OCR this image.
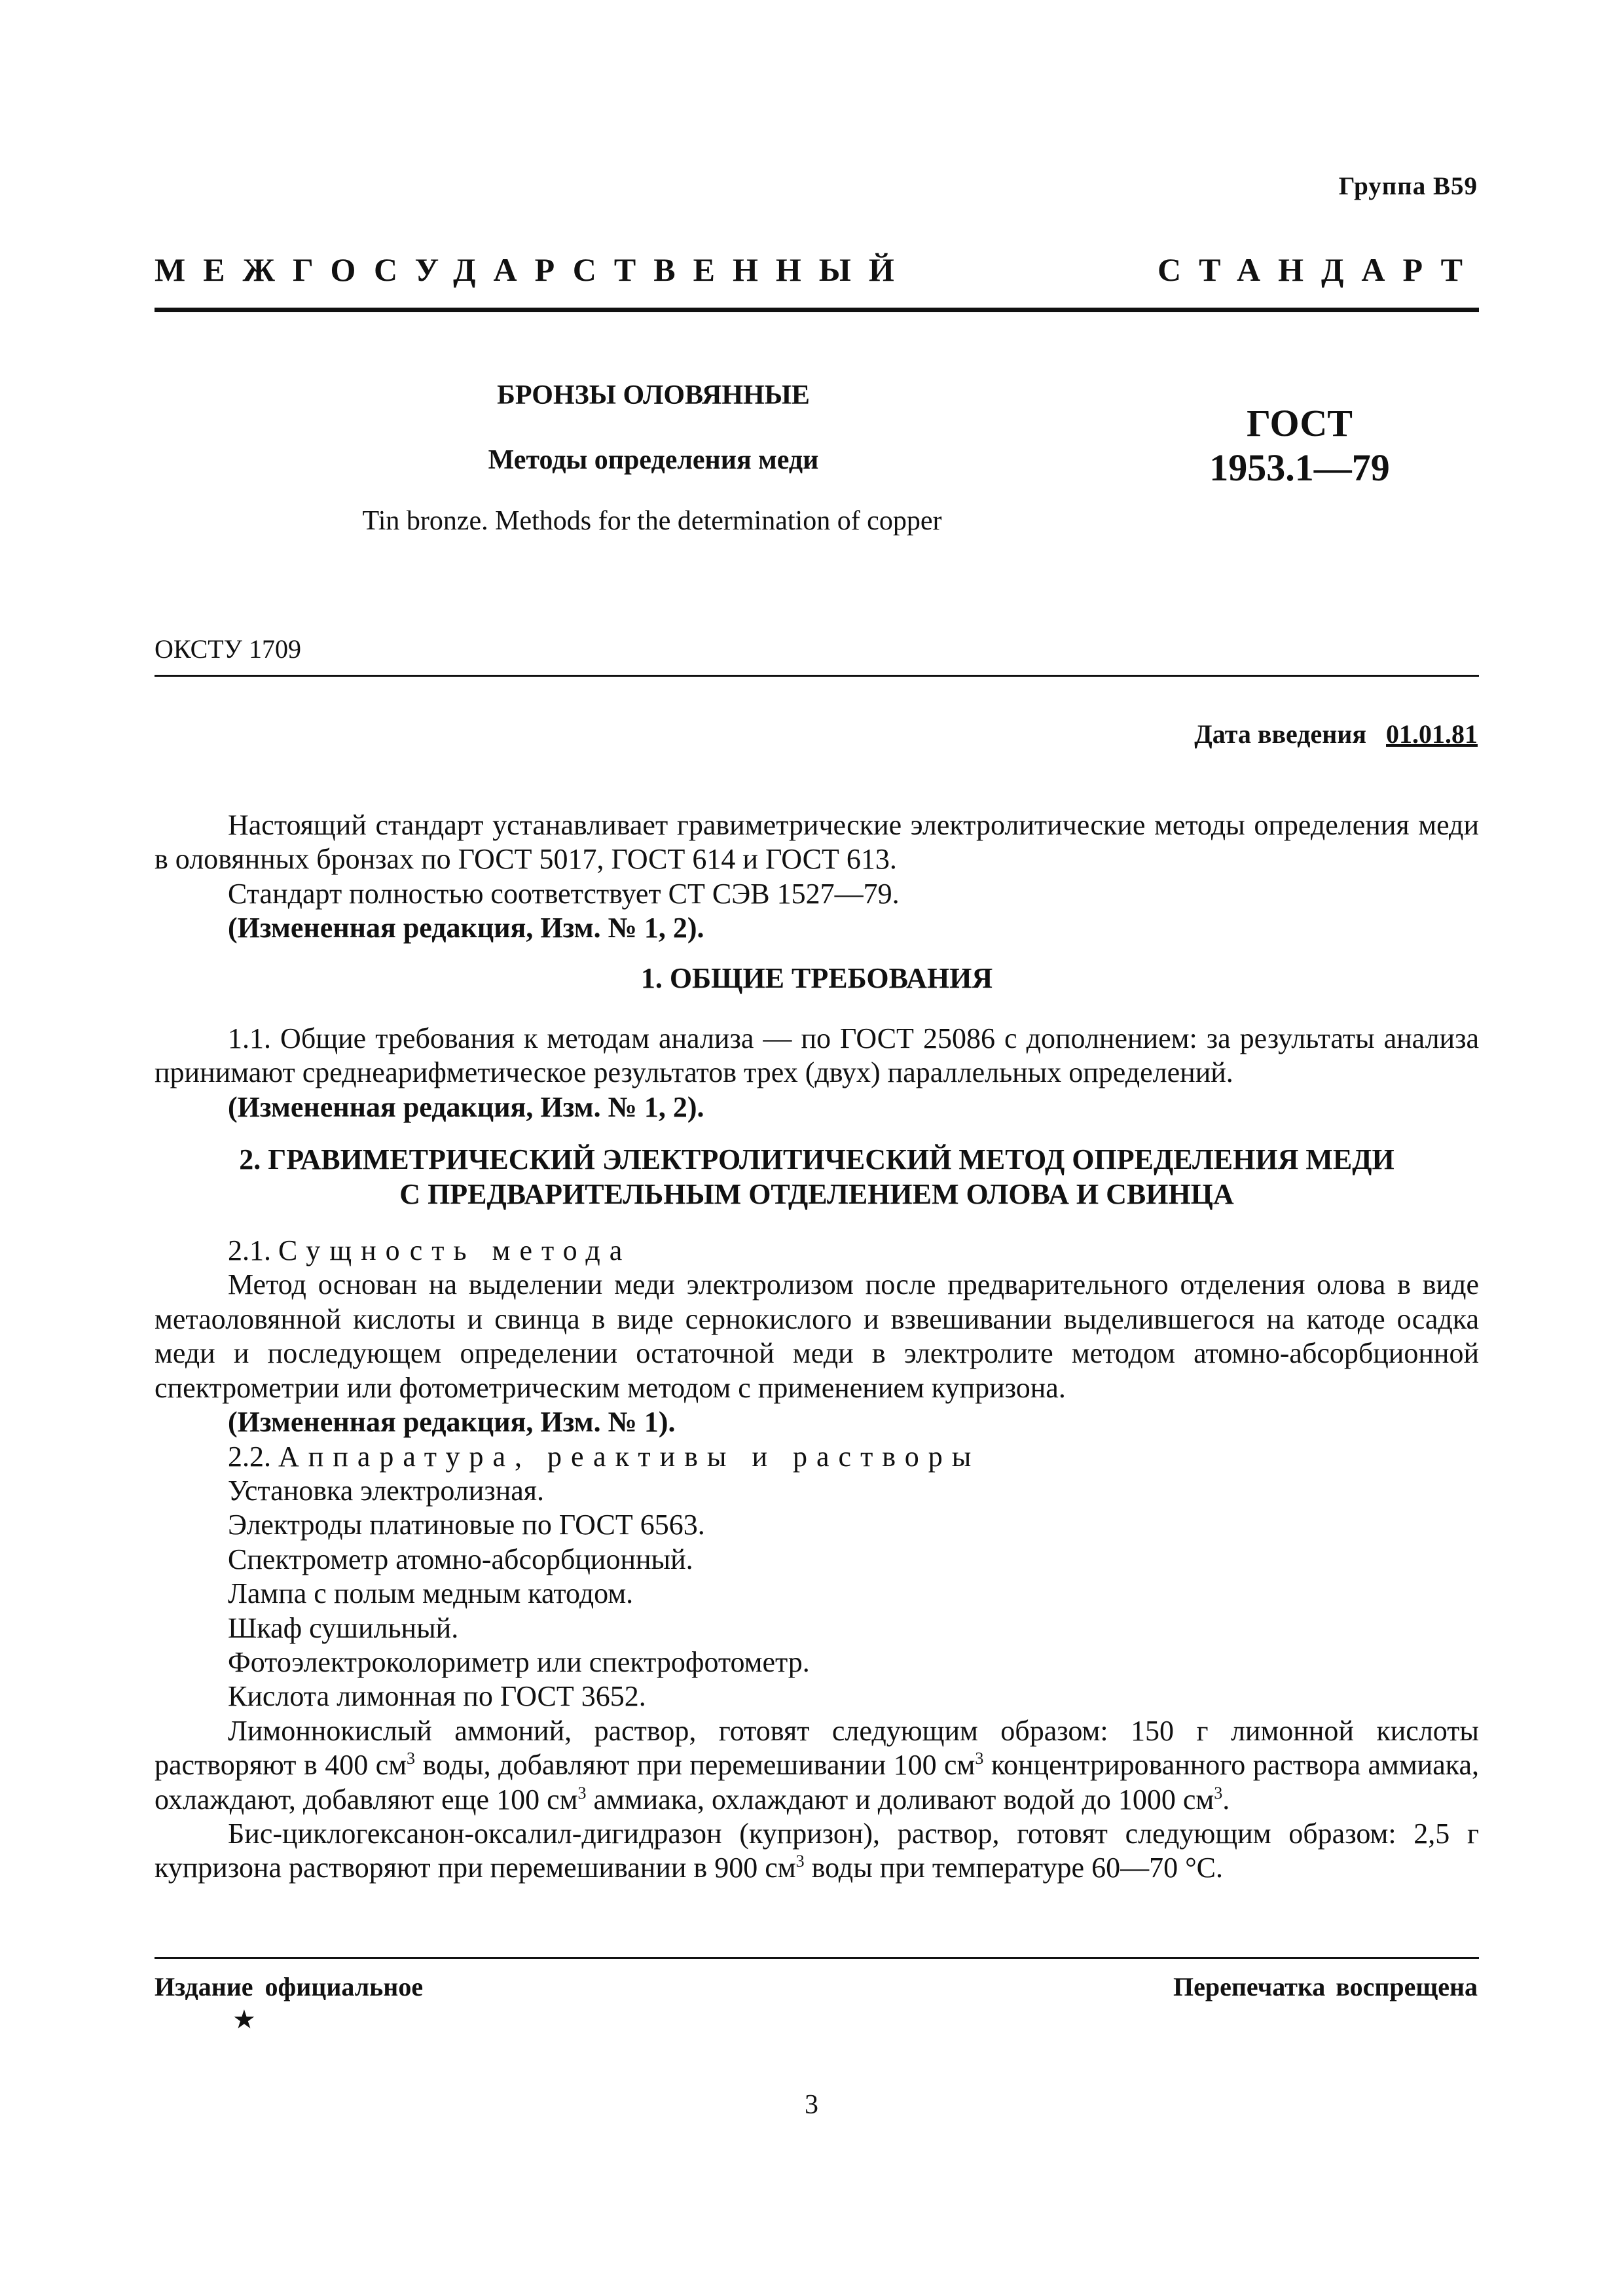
Группа В59
МЕЖГОСУДАРСТВЕННЫЙ	СТАНДАРТ
БРОНЗЫ ОЛОВЯННЫЕ
Методы определения меди
Tin bronze. Methods for the determination of copper
ГОСТ
1953.1—79
ОКСТУ 1709
Дата введения 01.01.81

Настоящий стандарт устанавливает гравиметрические электролитические методы определения меди в оловянных бронзах по ГОСТ 5017, ГОСТ 614 и ГОСТ 613.

Стандарт полностью соответствует СТ СЭВ 1527—79.

(Измененная редакция, Изм. № 1, 2).

1. ОБЩИЕ ТРЕБОВАНИЯ

1.1. Общие требования к методам анализа — по ГОСТ 25086 с дополнением: за результаты анализа принимают среднеарифметическое результатов трех (двух) параллельных определений.

(Измененная редакция, Изм. № 1, 2).

2. ГРАВИМЕТРИЧЕСКИЙ ЭЛЕКТРОЛИТИЧЕСКИЙ МЕТОД ОПРЕДЕЛЕНИЯ МЕДИ

С ПРЕДВАРИТЕЛЬНЫМ ОТДЕЛЕНИЕМ ОЛОВА И СВИНЦА

2.1. Сущность метода

Метод основан на выделении меди электролизом после предварительного отделения олова в виде метаоловянной кислоты и свинца в виде сернокислого и взвешивании выделившегося на катоде осадка меди и последующем определении остаточной меди в электролите методом атомно-абсорбционной спектрометрии или фотометрическим методом с применением купризона.

(Измененная редакция, Изм. № 1).

2.2. Аппаратура, реактивы и растворы

Установка электролизная.

Электроды платиновые по ГОСТ 6563.

Спектрометр атомно-абсорбционный.

Лампа с полым медным катодом.

Шкаф сушильный.

Фотоэлектроколориметр или спектрофотометр.

Кислота лимонная по ГОСТ 3652.

Лимоннокислый аммоний, раствор, готовят следующим образом: 150 г лимонной кислоты растворяют в 400 $см^3$ воды, добавляют при перемешивании 100 $см^3$ концентрированного раствора аммиака, охлаждают, добавляют еще 100 $см^3$ аммиака, охлаждают и доливают водой до 1000 $см^3$.

Бис-циклогексанон-оксалил-дигидразон (купризон), раствор, готовят следующим образом: 2,5 г купризона растворяют при перемешивании в 900 $см^3$ воды при температуре 60—70 °С.

Издание официальное
★
Перепечатка воспрещена
3
